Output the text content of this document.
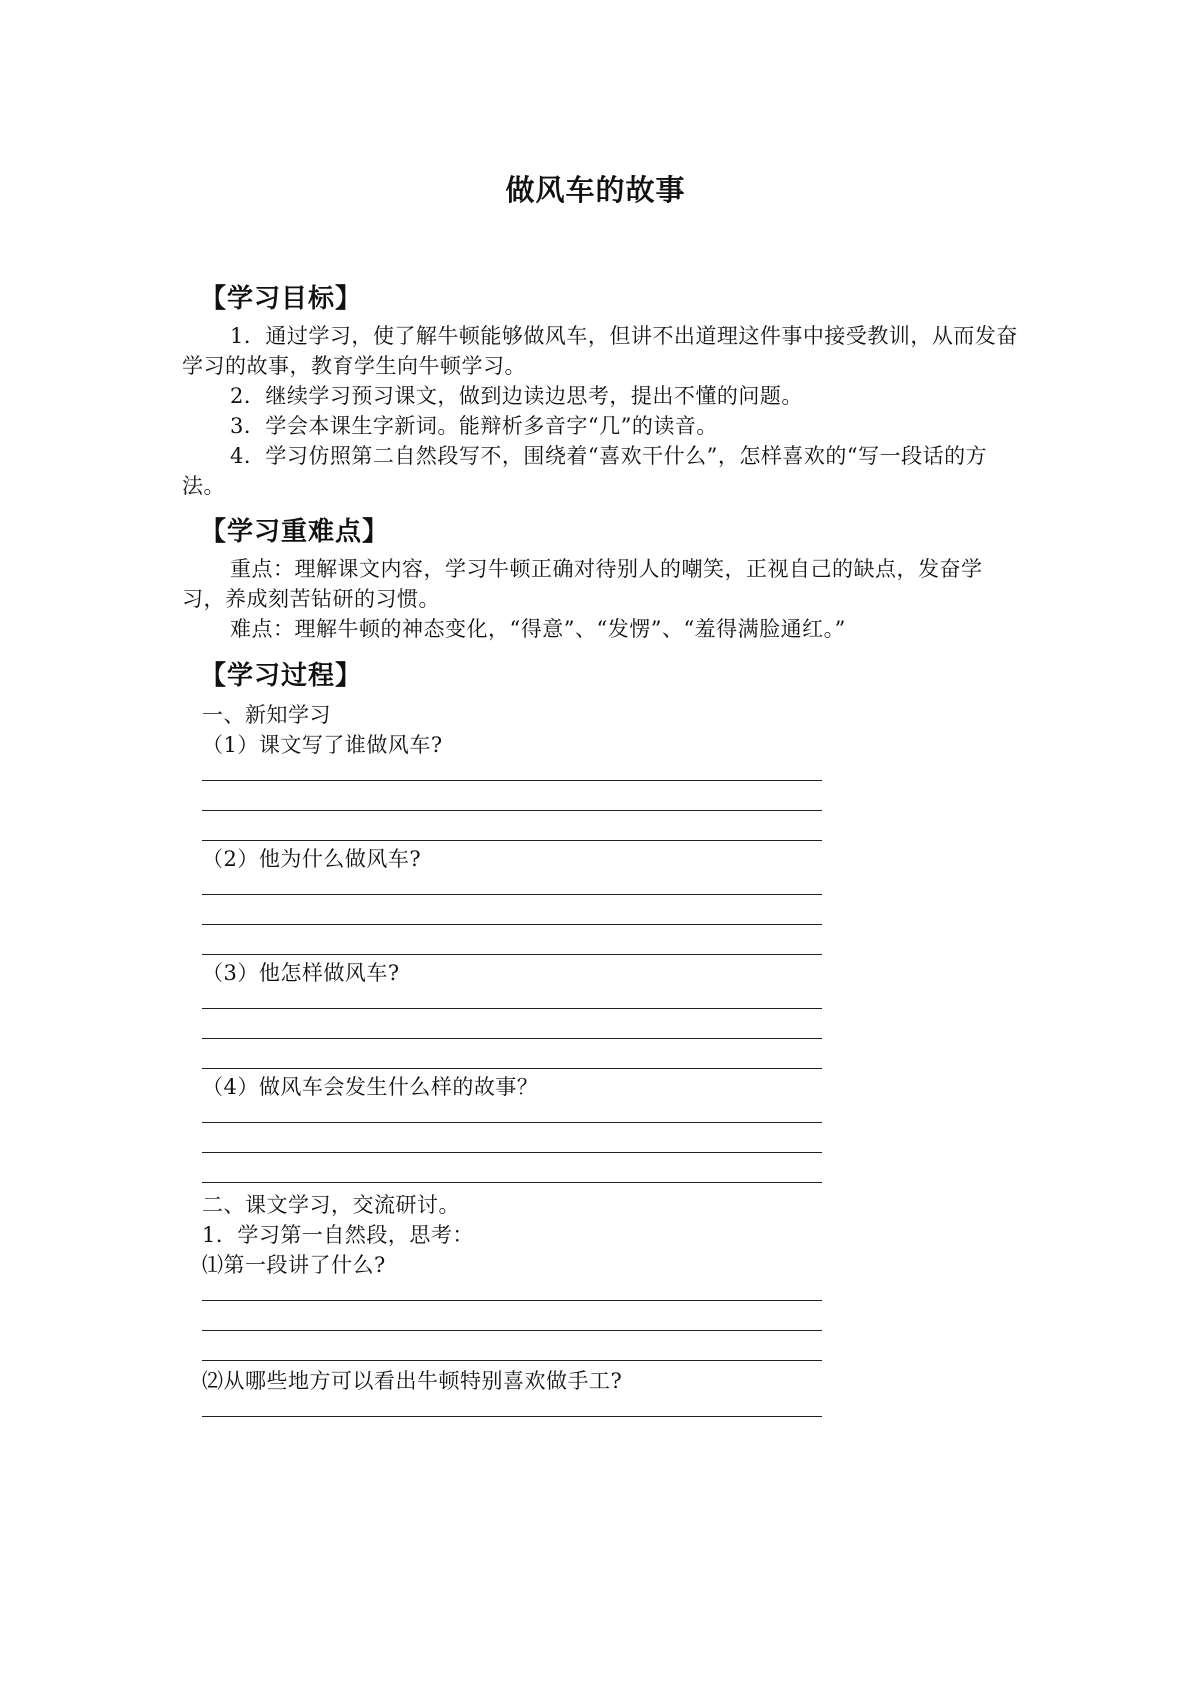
做风车的故事
【学习目标】

1．通过学习，使了解牛顿能够做风车，但讲不出道理这件事中接受教训，从而发奋学习的故事，教育学生向牛顿学习。

2．继续学习预习课文，做到边读边思考，提出不懂的问题。

3．学会本课生字新词。能辩析多音字“几”的读音。

4．学习仿照第二自然段写不，围绕着“喜欢干什么”，怎样喜欢的“写一段话的方法。

【学习重难点】

重点：理解课文内容，学习牛顿正确对待别人的嘲笑，正视自己的缺点，发奋学习，养成刻苦钻研的习惯。

难点：理解牛顿的神态变化，“得意”、“发愣”、“羞得满脸通红。”

【学习过程】
一、新知学习
（1）课文写了谁做风车?
（2）他为什么做风车?
（3）他怎样做风车?
（4）做风车会发生什么样的故事？
二、课文学习，交流研讨。
1．学习第一自然段，思考：
⑴第一段讲了什么?
⑵从哪些地方可以看出牛顿特别喜欢做手工?
